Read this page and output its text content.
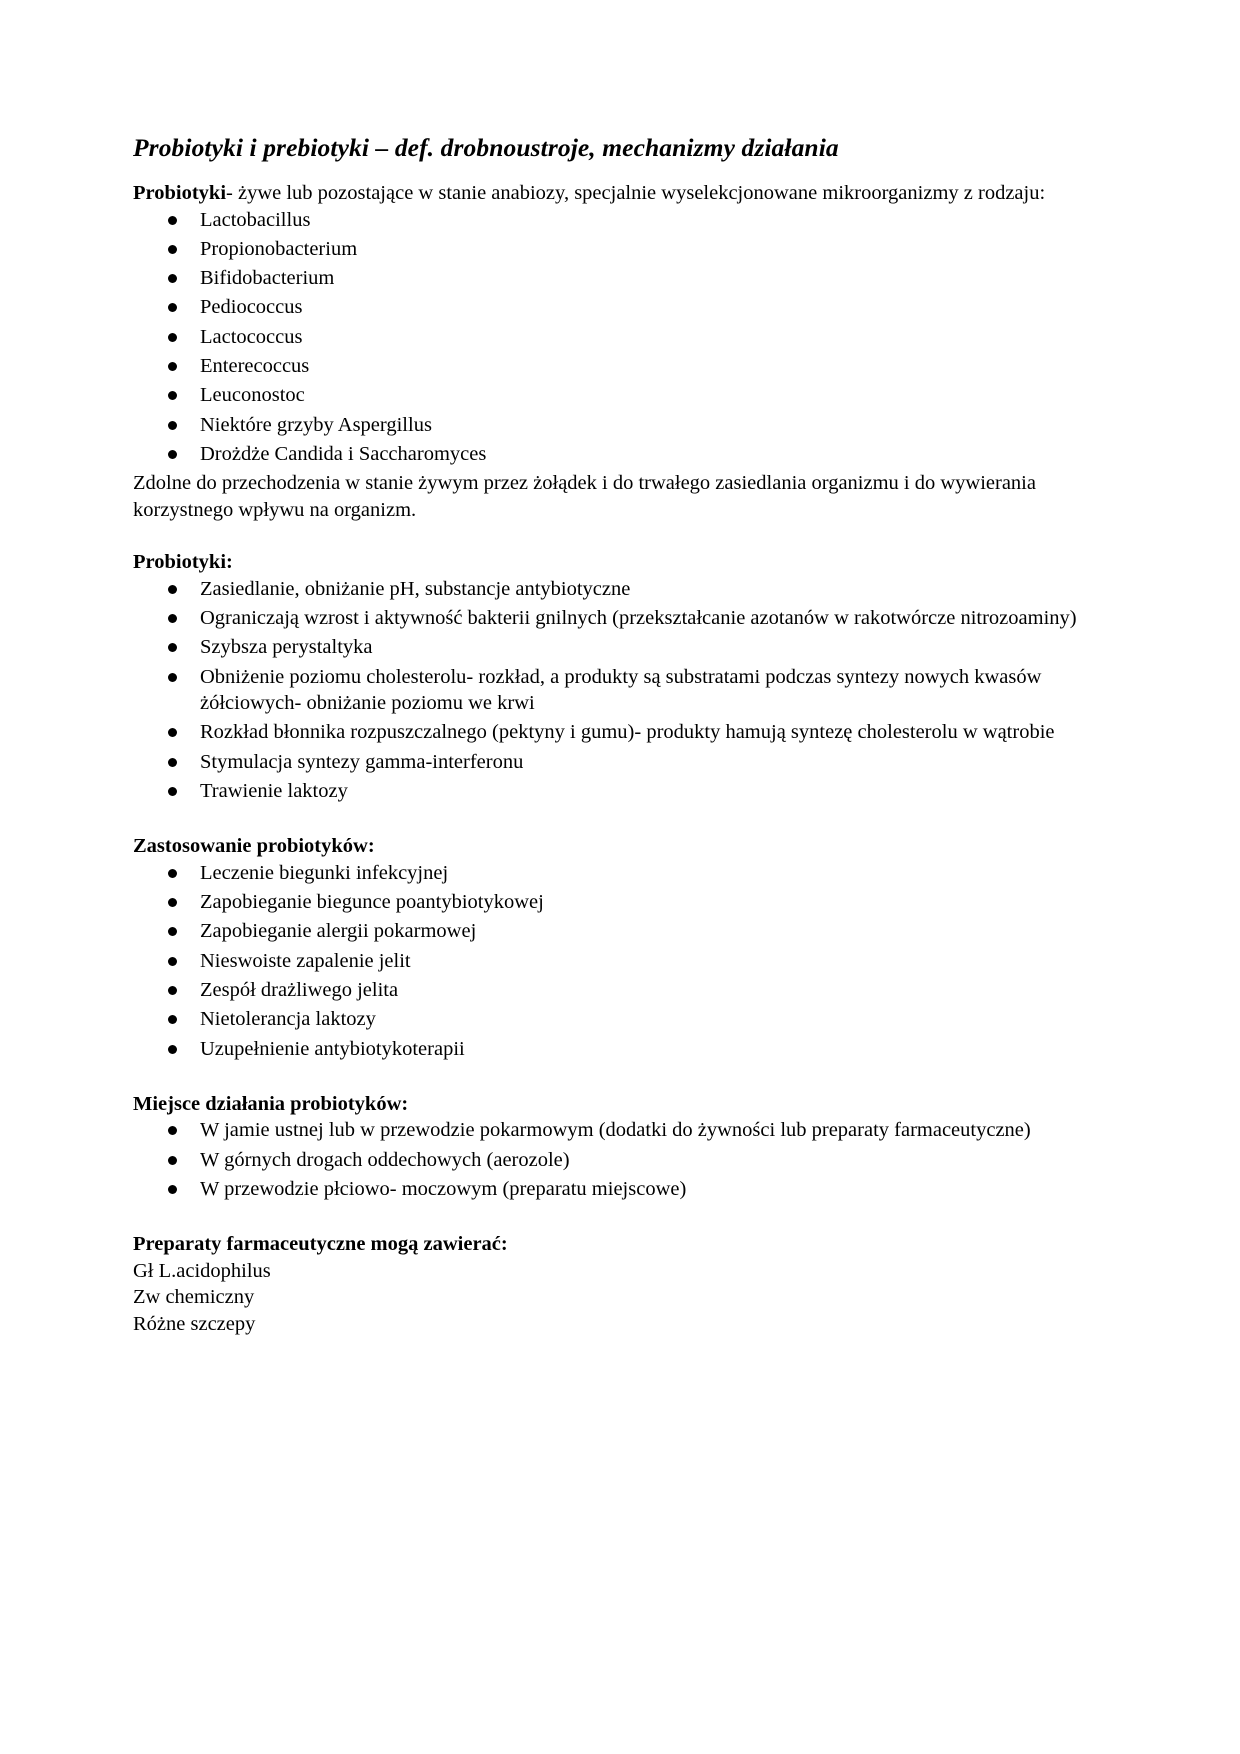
Probiotyki i prebiotyki – def. drobnoustroje, mechanizmy działania

Probiotyki- żywe lub pozostające w stanie anabiozy, specjalnie wyselekcjonowane mikroorganizmy z rodzaju:

Lactobacillus
Propionobacterium
Bifidobacterium
Pediococcus
Lactococcus
Enterecoccus
Leuconostoc
Niektóre grzyby Aspergillus
Drożdże Candida i Saccharomyces

Zdolne do przechodzenia w stanie żywym przez żołądek i do trwałego zasiedlania organizmu i do wywierania korzystnego wpływu na organizm.

Probiotyki:
Zasiedlanie, obniżanie pH, substancje antybiotyczne
Ograniczają wzrost i aktywność bakterii gnilnych (przekształcanie azotanów w rakotwórcze nitrozoaminy)
Szybsza perystaltyka
Obniżenie poziomu cholesterolu- rozkład, a produkty są substratami podczas syntezy nowych kwasów żółciowych- obniżanie poziomu we krwi
Rozkład błonnika rozpuszczalnego (pektyny i gumu)- produkty hamują syntezę cholesterolu w wątrobie
Stymulacja syntezy gamma-interferonu
Trawienie laktozy
Zastosowanie probiotyków:
Leczenie biegunki infekcyjnej
Zapobieganie biegunce poantybiotykowej
Zapobieganie alergii pokarmowej
Nieswoiste zapalenie jelit
Zespół drażliwego jelita
Nietolerancja laktozy
Uzupełnienie antybiotykoterapii
Miejsce działania probiotyków:
W jamie ustnej lub w przewodzie pokarmowym (dodatki do żywności lub preparaty farmaceutyczne)
W górnych drogach oddechowych (aerozole)
W przewodzie płciowo- moczowym (preparatu miejscowe)
Preparaty farmaceutyczne mogą zawierać:

Gł L.acidophilus

Zw chemiczny

Różne szczepy
